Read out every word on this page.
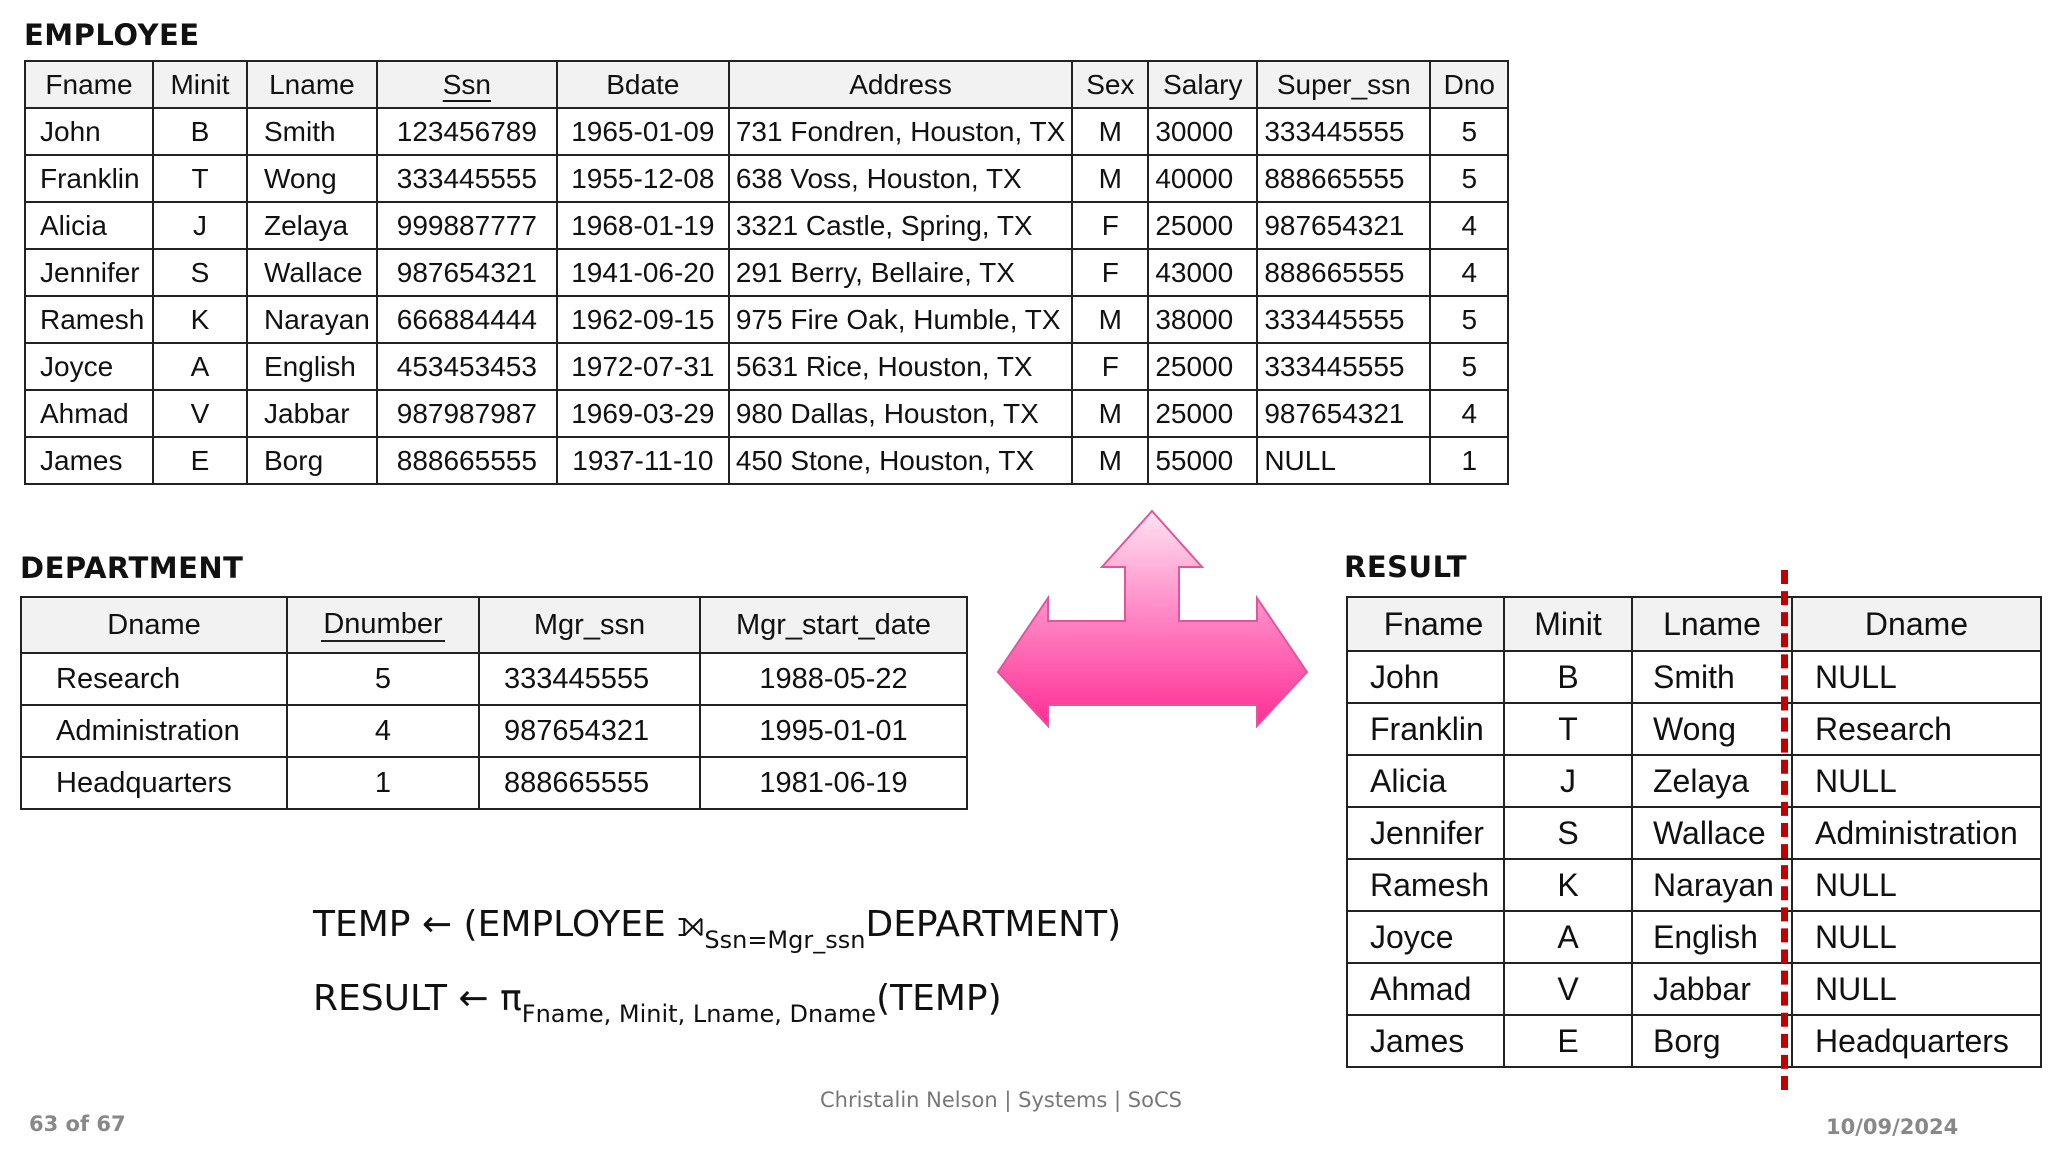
EMPLOYEE
Fname	Minit	Lname	Ssn	Bdate	Address	Sex	Salary	Super_ssn	Dno
John	B	Smith	123456789	1965-01-09	731 Fondren, Houston, TX	M	30000	333445555	5
Franklin	T	Wong	333445555	1955-12-08	638 Voss, Houston, TX	M	40000	888665555	5
Alicia	J	Zelaya	999887777	1968-01-19	3321 Castle, Spring, TX	F	25000	987654321	4
Jennifer	S	Wallace	987654321	1941-06-20	291 Berry, Bellaire, TX	F	43000	888665555	4
Ramesh	K	Narayan	666884444	1962-09-15	975 Fire Oak, Humble, TX	M	38000	333445555	5
Joyce	A	English	453453453	1972-07-31	5631 Rice, Houston, TX	F	25000	333445555	5
Ahmad	V	Jabbar	987987987	1969-03-29	980 Dallas, Houston, TX	M	25000	987654321	4
James	E	Borg	888665555	1937-11-10	450 Stone, Houston, TX	M	55000	NULL	1
DEPARTMENT
Dname	Dnumber	Mgr_ssn	Mgr_start_date
Research	5	333445555	1988-05-22
Administration	4	987654321	1995-01-01
Headquarters	1	888665555	1981-06-19
RESULT
Fname	Minit	Lname	Dname
John	B	Smith	NULL
Franklin	T	Wong	Research
Alicia	J	Zelaya	NULL
Jennifer	S	Wallace	Administration
Ramesh	K	Narayan	NULL
Joyce	A	English	NULL
Ahmad	V	Jabbar	NULL
James	E	Borg	Headquarters
TEMP ← (EMPLOYEE $⟕_{Ssn=Mgr\_ssn}DEPARTMENT$)
RESULT ← $\pi_{Fname, Minit, Lname, Dname}(TEMP)$
63 of 67
Christalin Nelson | Systems | SoCS
10/09/2024
